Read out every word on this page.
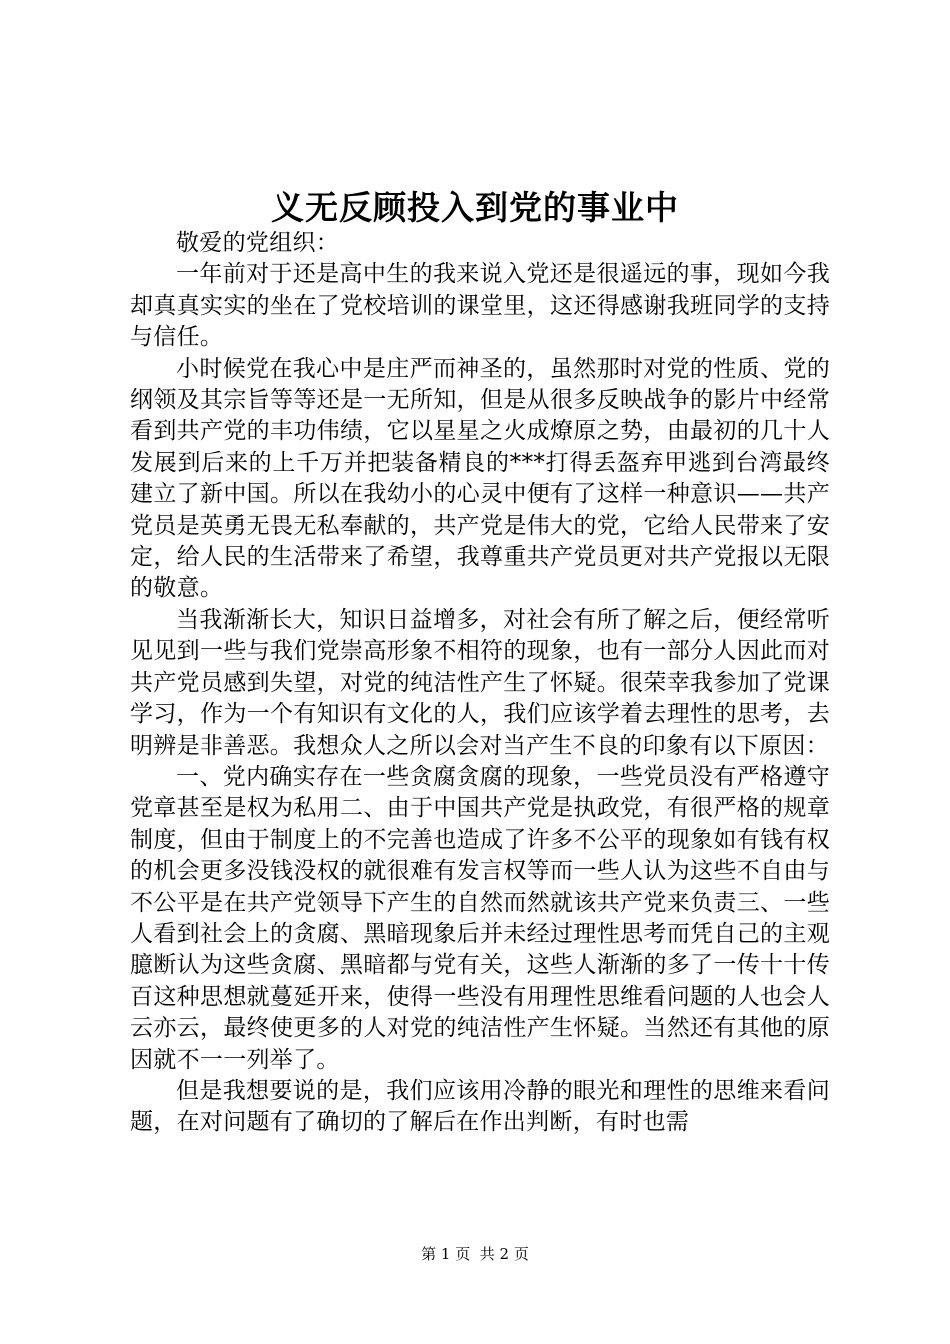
义无反顾投入到党的事业中

敬爱的党组织：

一年前对于还是高中生的我来说入党还是很遥远的事，现如今我却真真实实的坐在了党校培训的课堂里，这还得感谢我班同学的支持与信任。

小时候党在我心中是庄严而神圣的，虽然那时对党的性质、党的纲领及其宗旨等等还是一无所知，但是从很多反映战争的影片中经常看到共产党的丰功伟绩，它以星星之火成燎原之势，由最初的几十人发展到后来的上千万并把装备精良的***打得丢盔弃甲逃到台湾最终建立了新中国。所以在我幼小的心灵中便有了这样一种意识——共产党员是英勇无畏无私奉献的，共产党是伟大的党，它给人民带来了安定，给人民的生活带来了希望，我尊重共产党员更对共产党报以无限的敬意。

当我渐渐长大，知识日益增多，对社会有所了解之后，便经常听见见到一些与我们党崇高形象不相符的现象，也有一部分人因此而对共产党员感到失望，对党的纯洁性产生了怀疑。很荣幸我参加了党课学习，作为一个有知识有文化的人，我们应该学着去理性的思考，去明辨是非善恶。我想众人之所以会对当产生不良的印象有以下原因：

一、党内确实存在一些贪腐贪腐的现象，一些党员没有严格遵守党章甚至是权为私用二、由于中国共产党是执政党，有很严格的规章制度，但由于制度上的不完善也造成了许多不公平的现象如有钱有权的机会更多没钱没权的就很难有发言权等而一些人认为这些不自由与不公平是在共产党领导下产生的自然而然就该共产党来负责三、一些人看到社会上的贪腐、黑暗现象后并未经过理性思考而凭自己的主观臆断认为这些贪腐、黑暗都与党有关，这些人渐渐的多了一传十十传百这种思想就蔓延开来，使得一些没有用理性思维看问题的人也会人云亦云，最终使更多的人对党的纯洁性产生怀疑。当然还有其他的原因就不一一列举了。

但是我想要说的是，我们应该用冷静的眼光和理性的思维来看问题，在对问题有了确切的了解后在作出判断，有时也需

第 1 页  共 2 页
